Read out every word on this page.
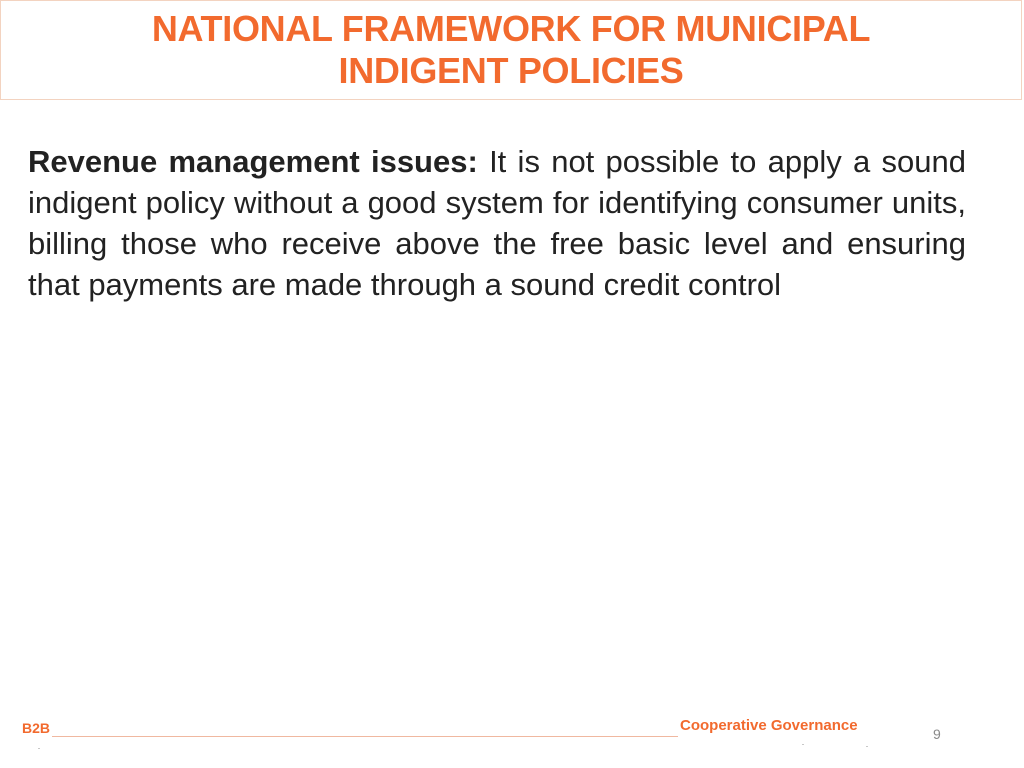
NATIONAL FRAMEWORK FOR MUNICIPAL
INDIGENT POLICIES
Revenue management issues: It is not possible to apply a sound indigent policy without a good system for identifying consumer units, billing those who receive above the free basic level and ensuring that payments are made through a sound credit control
B2B	Cooperative Governance	9
